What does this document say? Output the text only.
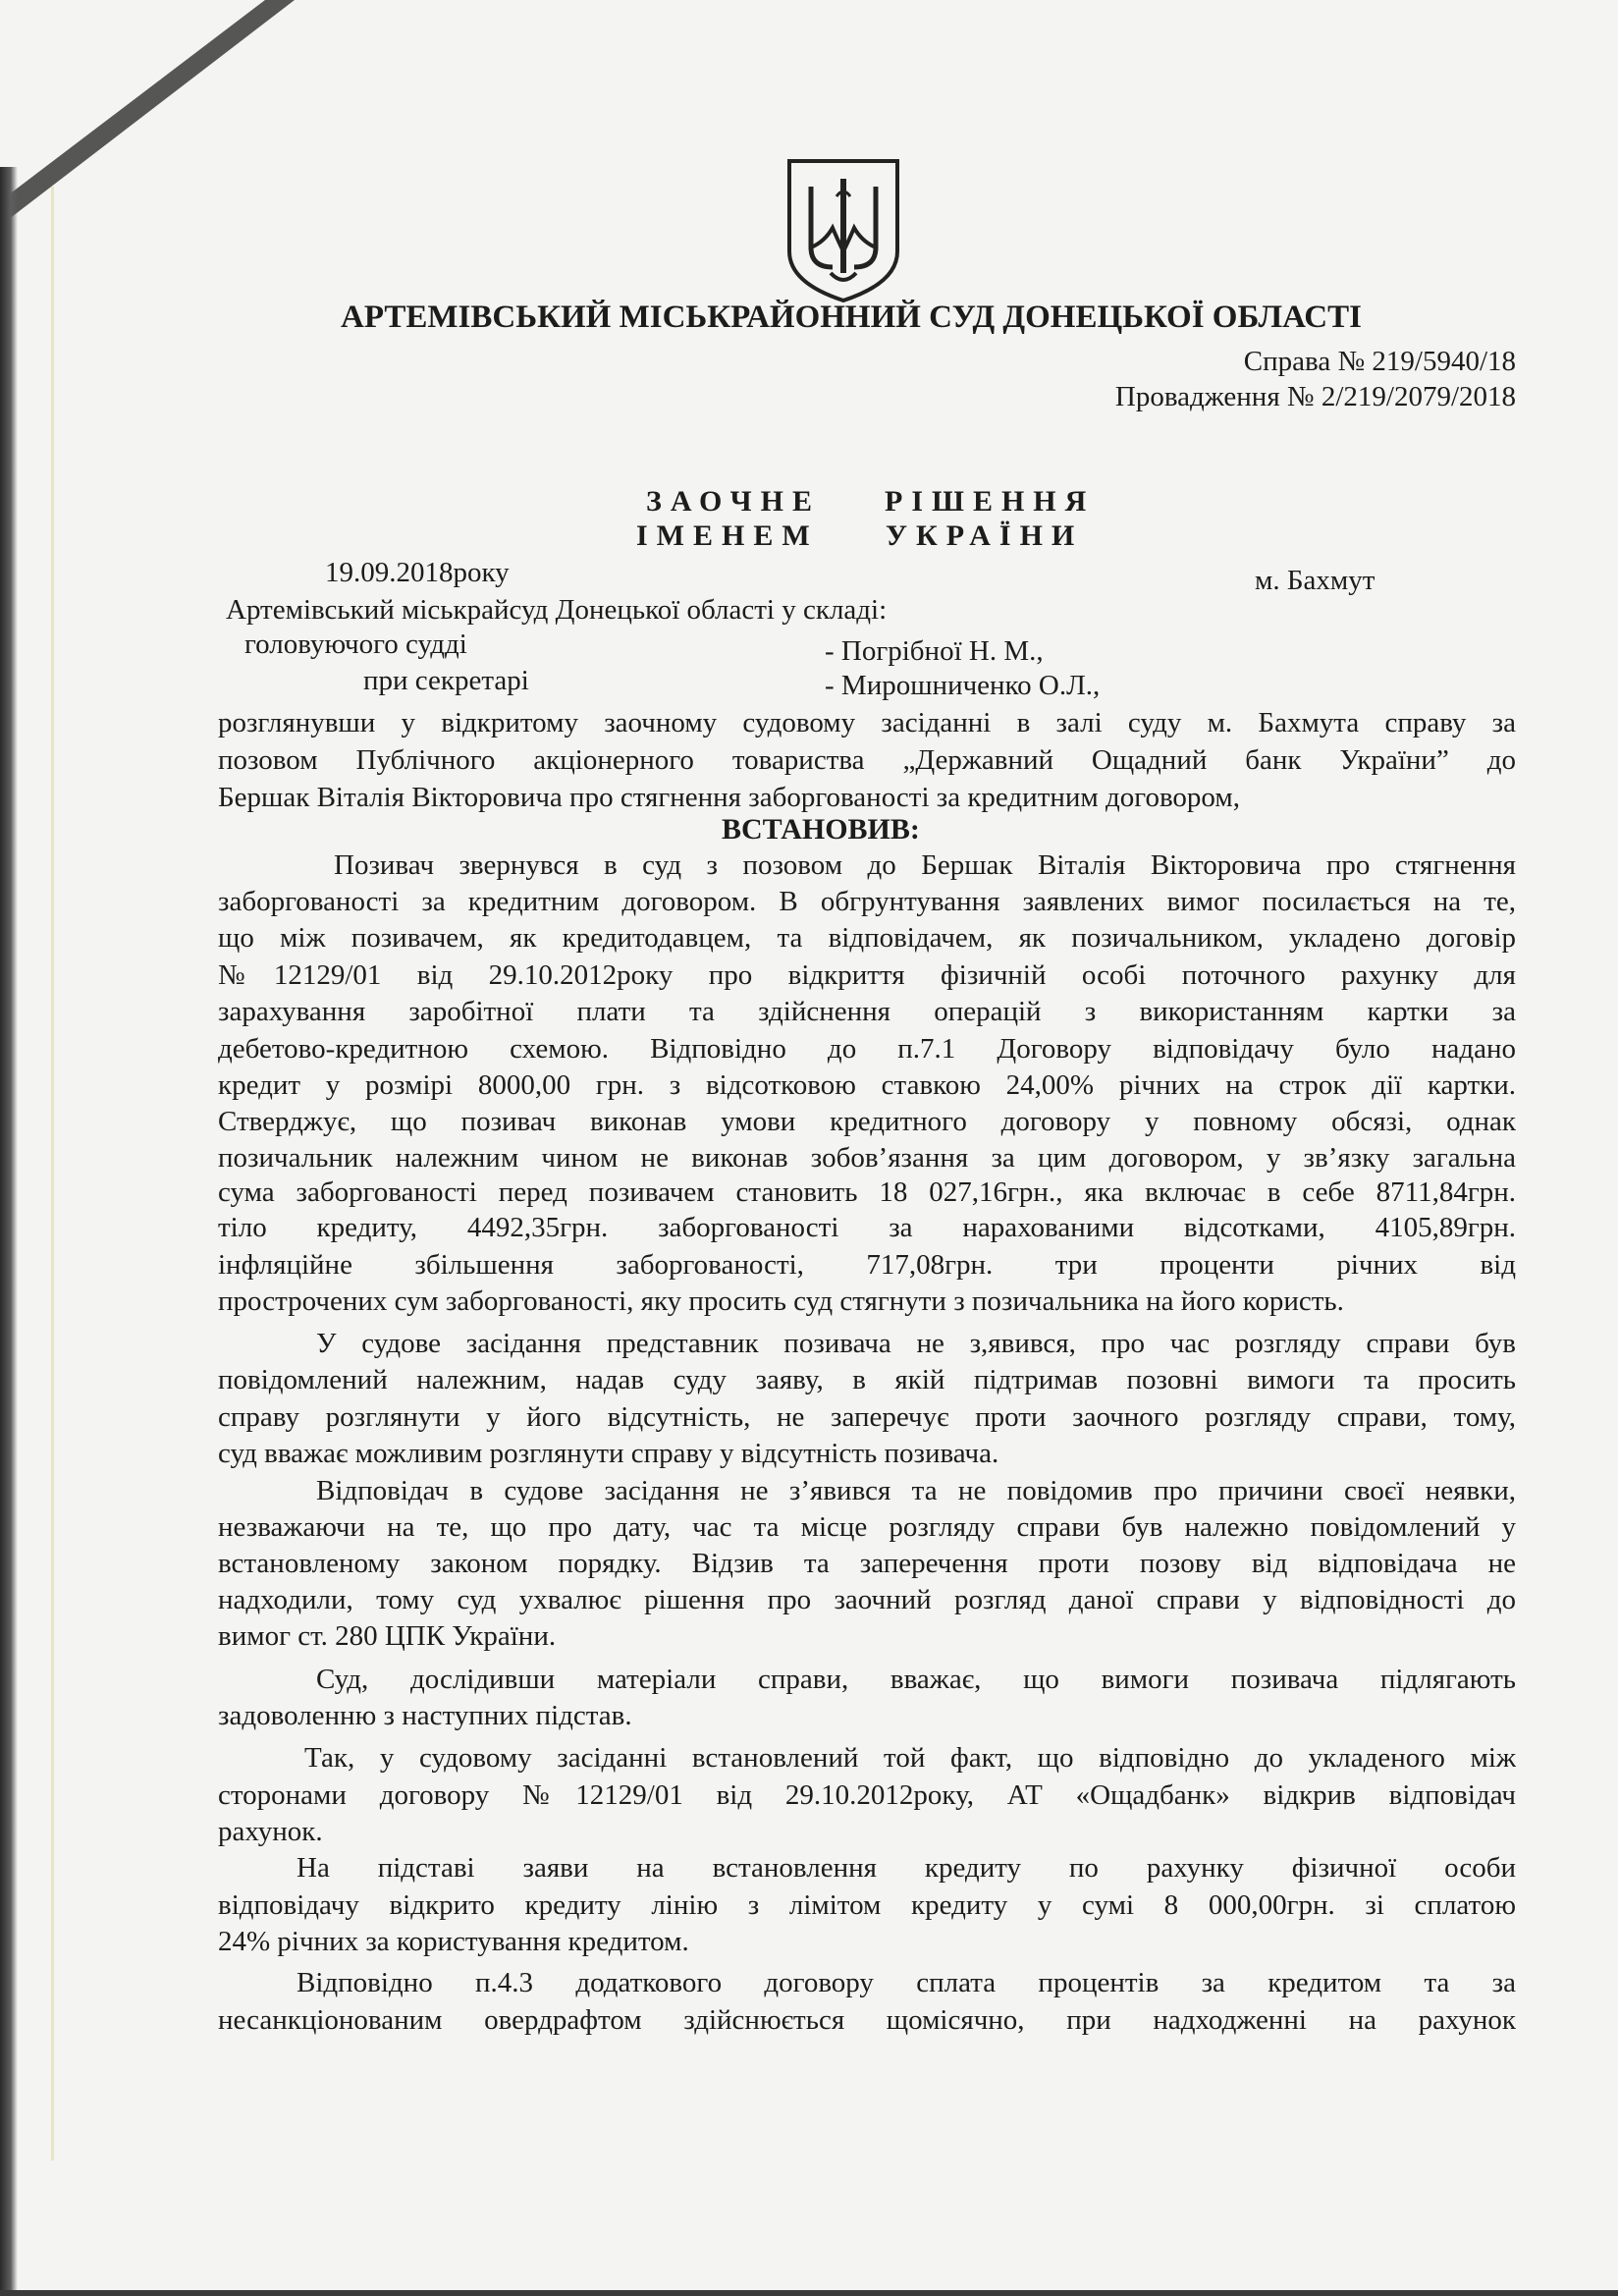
АРТЕМІВСЬКИЙ МІСЬКРАЙОННИЙ СУД ДОНЕЦЬКОЇ ОБЛАСТІ
Справа № 219/5940/18
Провадження № 2/219/2079/2018
ЗАОЧНЕ РІШЕННЯ
ІМЕНЕМ УКРАЇНИ
19.09.2018року	м. Бахмут
Артемівський міськрайсуд Донецької області у складі:
головуючого судді	- Погрібної Н. М.,
при секретарі	- Мирошниченко О.Л.,
розглянувши у відкритому заочному судовому засіданні в залі суду м. Бахмута справу за
позовом Публічного акціонерного товариства „Державний Ощадний банк України” до
Бершак Віталія Вікторовича про стягнення заборгованості за кредитним договором,
ВСТАНОВИВ:
Позивач звернувся в суд з позовом до Бершак Віталія Вікторовича про стягнення
заборгованості за кредитним договором. В обгрунтування заявлених вимог посилається на те,
що між позивачем, як кредитодавцем, та відповідачем, як позичальником, укладено договір
№12129/01 від 29.10.2012року про відкриття фізичній особі поточного рахунку для
зарахування заробітної плати та здійснення операцій з використанням картки за
дебетово-кредитною схемою. Відповідно до п.7.1 Договору відповідачу було надано
кредит у розмірі 8000,00 грн. з відсотковою ставкою 24,00% річних на строк дії картки.
Стверджує, що позивач виконав умови кредитного договору у повному обсязі, однак
позичальник належним чином не виконав зобов’язання за цим договором, у зв’язку загальна
сума заборгованості перед позивачем становить 18 027,16грн., яка включає в себе 8711,84грн.
тіло кредиту, 4492,35грн. заборгованості за нарахованими відсотками, 4105,89грн.
інфляційне збільшення заборгованості, 717,08грн. три проценти річних від
прострочених сум заборгованості, яку просить суд стягнути з позичальника на його користь.
У судове засідання представник позивача не з,явився, про час розгляду справи був
повідомлений належним, надав суду заяву, в якій підтримав позовні вимоги та просить
справу розглянути у його відсутність, не заперечує проти заочного розгляду справи, тому,
суд вважає можливим розглянути справу у відсутність позивача.
Відповідач в судове засідання не з’явився та не повідомив про причини своєї неявки,
незважаючи на те, що про дату, час та місце розгляду справи був належно повідомлений у
встановленому законом порядку. Відзив та заперечення проти позову від відповідача не
надходили, тому суд ухвалює рішення про заочний розгляд даної справи у відповідності до
вимог ст. 280 ЦПК України.
Суд, дослідивши матеріали справи, вважає, що вимоги позивача підлягають
задоволенню з наступних підстав.
Так, у судовому засіданні встановлений той факт, що відповідно до укладеного між
сторонами договору №12129/01 від 29.10.2012року, АТ «Ощадбанк» відкрив відповідач
рахунок.
На підставі заяви на встановлення кредиту по рахунку фізичної особи
відповідачу відкрито кредиту лінію з лімітом кредиту у сумі 8 000,00грн. зі сплатою
24% річних за користування кредитом.
Відповідно п.4.3 додаткового договору сплата процентів за кредитом та за
несанкціонованим овердрафтом здійснюється щомісячно, при надходженні на рахунок
